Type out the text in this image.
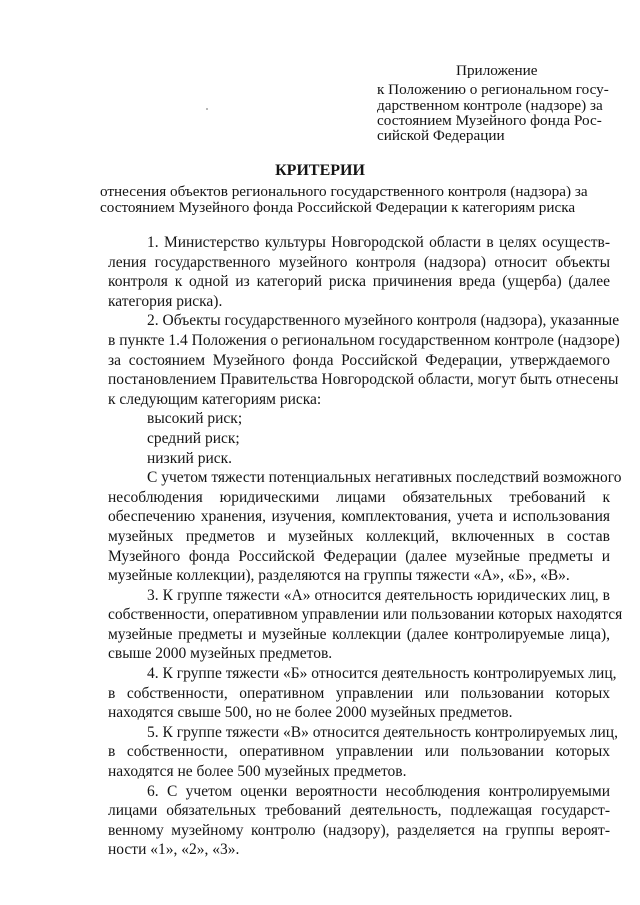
Приложение
к Положению о региональном госу-
дарственном контроле (надзоре) за
состоянием Музейного фонда Рос-
сийской Федерации
КРИТЕРИИ
отнесения объектов регионального государственного контроля (надзора) за
состоянием Музейного фонда Российской Федерации к категориям риска
1. Министерство культуры Новгородской области в целях осуществ-
ления государственного музейного контроля (надзора) относит объекты
контроля к одной из категорий риска причинения вреда (ущерба) (далее
категория риска).
2. Объекты государственного музейного контроля (надзора), указанные
в пункте 1.4 Положения о региональном государственном контроле (надзоре)
за состоянием Музейного фонда Российской Федерации, утверждаемого
постановлением Правительства Новгородской области, могут быть отнесены
к следующим категориям риска:
высокий риск;
средний риск;
низкий риск.
С учетом тяжести потенциальных негативных последствий возможного
несоблюдения юридическими лицами обязательных требований к
обеспечению хранения, изучения, комплектования, учета и использования
музейных предметов и музейных коллекций, включенных в состав
Музейного фонда Российской Федерации (далее музейные предметы и
музейные коллекции), разделяются на группы тяжести «А», «Б», «В».
3. К группе тяжести «А» относится деятельность юридических лиц, в
собственности, оперативном управлении или пользовании которых находятся
музейные предметы и музейные коллекции (далее контролируемые лица),
свыше 2000 музейных предметов.
4. К группе тяжести «Б» относится деятельность контролируемых лиц,
в собственности, оперативном управлении или пользовании которых
находятся свыше 500, но не более 2000 музейных предметов.
5. К группе тяжести «В» относится деятельность контролируемых лиц,
в собственности, оперативном управлении или пользовании которых
находятся не более 500 музейных предметов.
6. С учетом оценки вероятности несоблюдения контролируемыми
лицами обязательных требований деятельность, подлежащая государст-
венному музейному контролю (надзору), разделяется на группы вероят-
ности «1», «2», «3».
